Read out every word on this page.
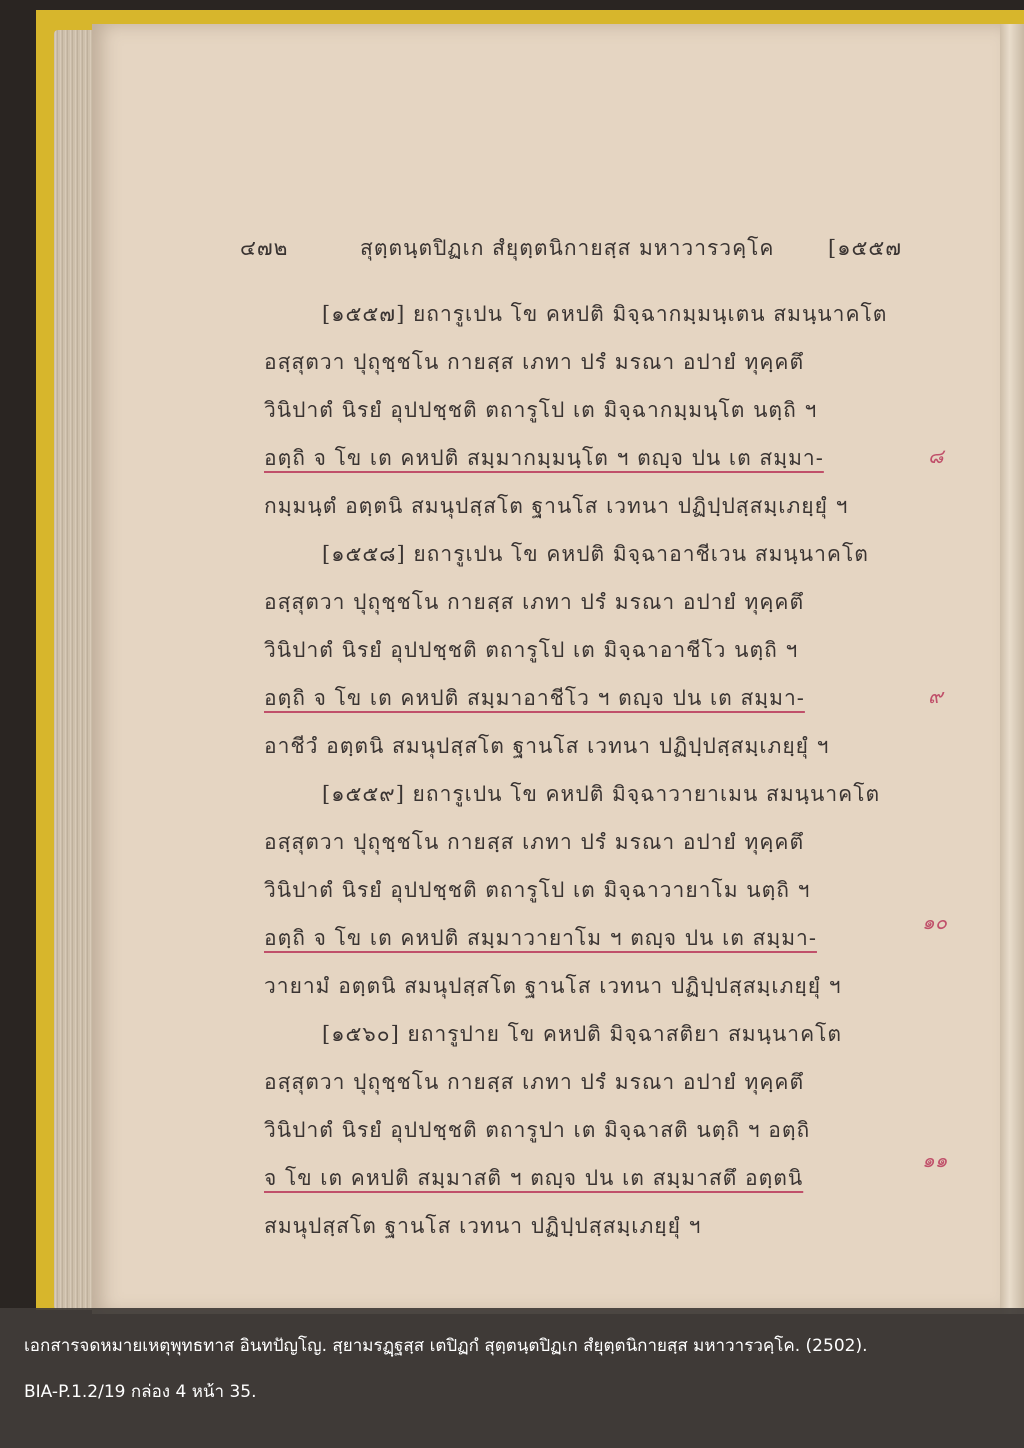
๔๗๒	สุตฺตนฺตปิฏเก สํยุตฺตนิกายสฺส มหาวารวคฺโค	[๑๕๕๗
[๑๕๕๗] ยถารูเปน โข คหปติ มิจฺฉากมฺมนฺเตน สมนฺนาคโต
อสฺสุตวา ปุถุชฺชโน กายสฺส เภทา ปรํ มรณา อปายํ ทุคฺคตึ
วินิปาตํ นิรยํ อุปปชฺชติ ตถารูโป เต มิจฺฉากมฺมนฺโต นตฺถิ ฯ
อตฺถิ จ โข เต คหปติ สมฺมากมฺมนฺโต ฯ ตญฺจ ปน เต สมฺมา-
กมฺมนฺตํ อตฺตนิ สมนุปสฺสโต ฐานโส เวทนา ปฏิปฺปสฺสมฺเภยฺยุํ ฯ
[๑๕๕๘] ยถารูเปน โข คหปติ มิจฺฉาอาชีเวน สมนฺนาคโต
อสฺสุตวา ปุถุชฺชโน กายสฺส เภทา ปรํ มรณา อปายํ ทุคฺคตึ
วินิปาตํ นิรยํ อุปปชฺชติ ตถารูโป เต มิจฺฉาอาชีโว นตฺถิ ฯ
อตฺถิ จ โข เต คหปติ สมฺมาอาชีโว ฯ ตญฺจ ปน เต สมฺมา-
อาชีวํ อตฺตนิ สมนุปสฺสโต ฐานโส เวทนา ปฏิปฺปสฺสมฺเภยฺยุํ ฯ
[๑๕๕๙] ยถารูเปน โข คหปติ มิจฺฉาวายาเมน สมนฺนาคโต
อสฺสุตวา ปุถุชฺชโน กายสฺส เภทา ปรํ มรณา อปายํ ทุคฺคตึ
วินิปาตํ นิรยํ อุปปชฺชติ ตถารูโป เต มิจฺฉาวายาโม นตฺถิ ฯ
อตฺถิ จ โข เต คหปติ สมฺมาวายาโม ฯ ตญฺจ ปน เต สมฺมา-
วายามํ อตฺตนิ สมนุปสฺสโต ฐานโส เวทนา ปฏิปฺปสฺสมฺเภยฺยุํ ฯ
[๑๕๖๐] ยถารูปาย โข คหปติ มิจฺฉาสติยา สมนฺนาคโต
อสฺสุตวา ปุถุชฺชโน กายสฺส เภทา ปรํ มรณา อปายํ ทุคฺคตึ
วินิปาตํ นิรยํ อุปปชฺชติ ตถารูปา เต มิจฺฉาสติ นตฺถิ ฯ อตฺถิ
จ โข เต คหปติ สมฺมาสติ ฯ ตญฺจ ปน เต สมฺมาสตึ อตฺตนิ
สมนุปสฺสโต ฐานโส เวทนา ปฏิปฺปสฺสมฺเภยฺยุํ ฯ
๘
๙
๑๐
๑๑
เอกสารจดหมายเหตุพุทธทาส อินทปัญโญ. สฺยามรฏฺฐสฺส เตปิฏกํ สุตฺตนฺตปิฏเก สํยุตฺตนิกายสฺส มหาวารวคฺโค. (2502).
BIA-P.1.2/19 กล่อง 4 หน้า 35.
